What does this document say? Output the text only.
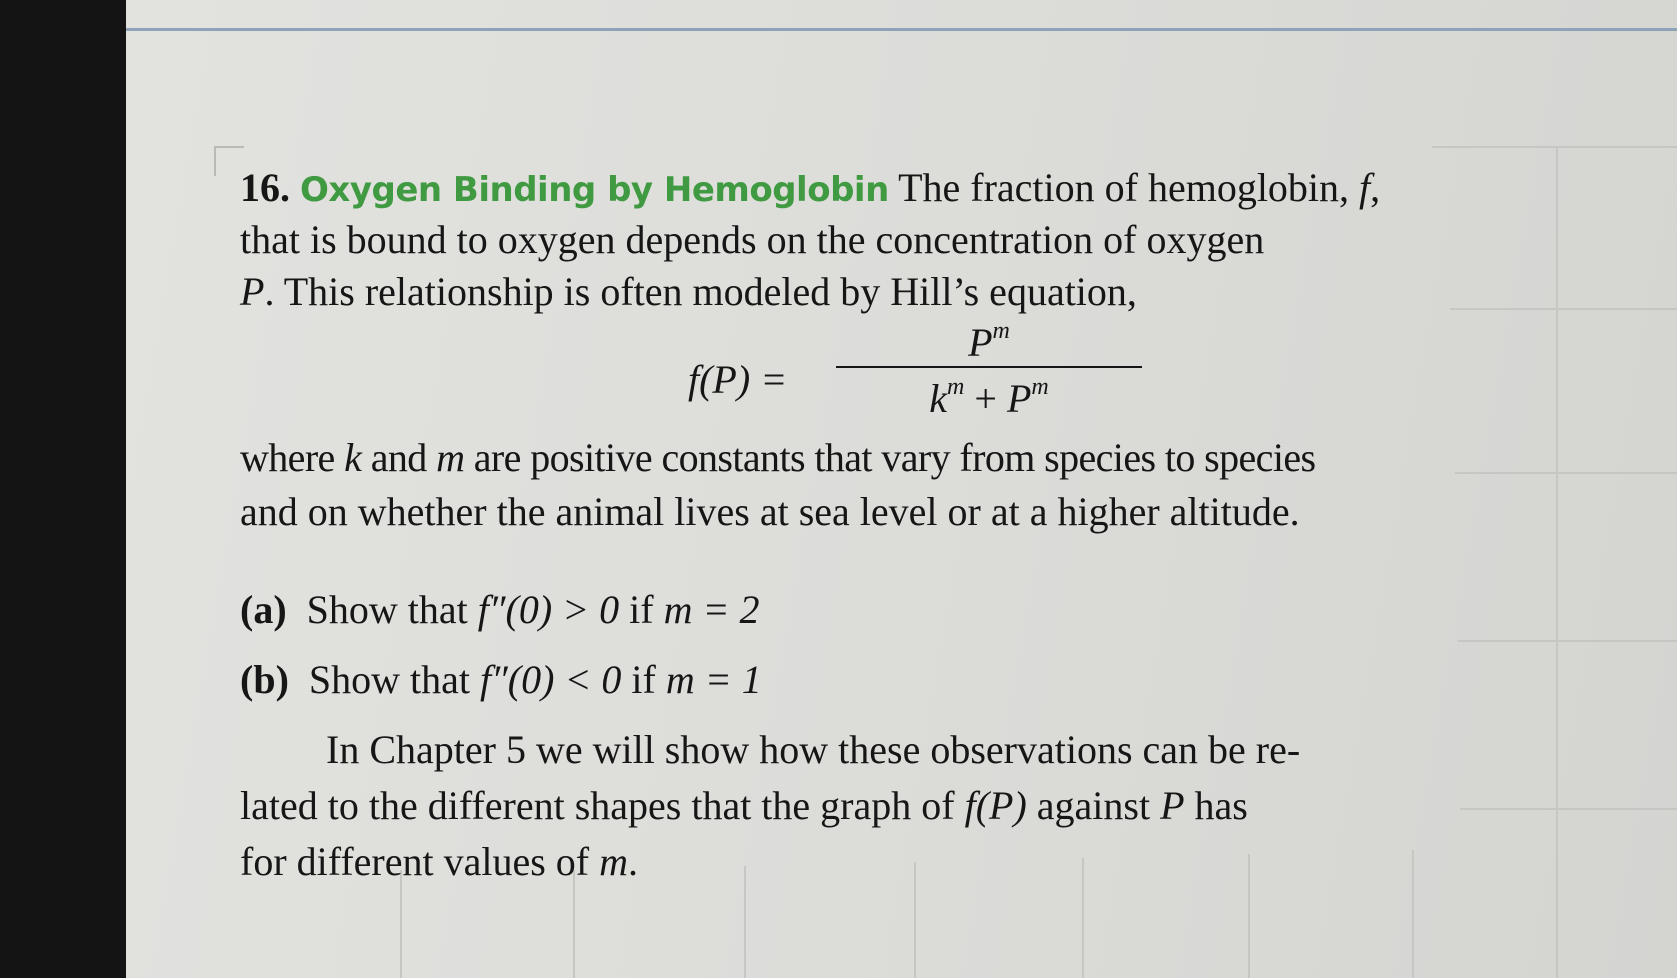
16. Oxygen Binding by Hemoglobin The fraction of hemoglobin, f,
that is bound to oxygen depends on the concentration of oxygen
P. This relationship is often modeled by Hill’s equation,
f(P) =
$P^m$
$k^m + P^m$
where k and m are positive constants that vary from species to species
and on whether the animal lives at sea level or at a higher altitude.
(a) Show that f″(0) > 0 if m = 2
(b) Show that f″(0) < 0 if m = 1
In Chapter 5 we will show how these observations can be re-
lated to the different shapes that the graph of f(P) against P has
for different values of m.
